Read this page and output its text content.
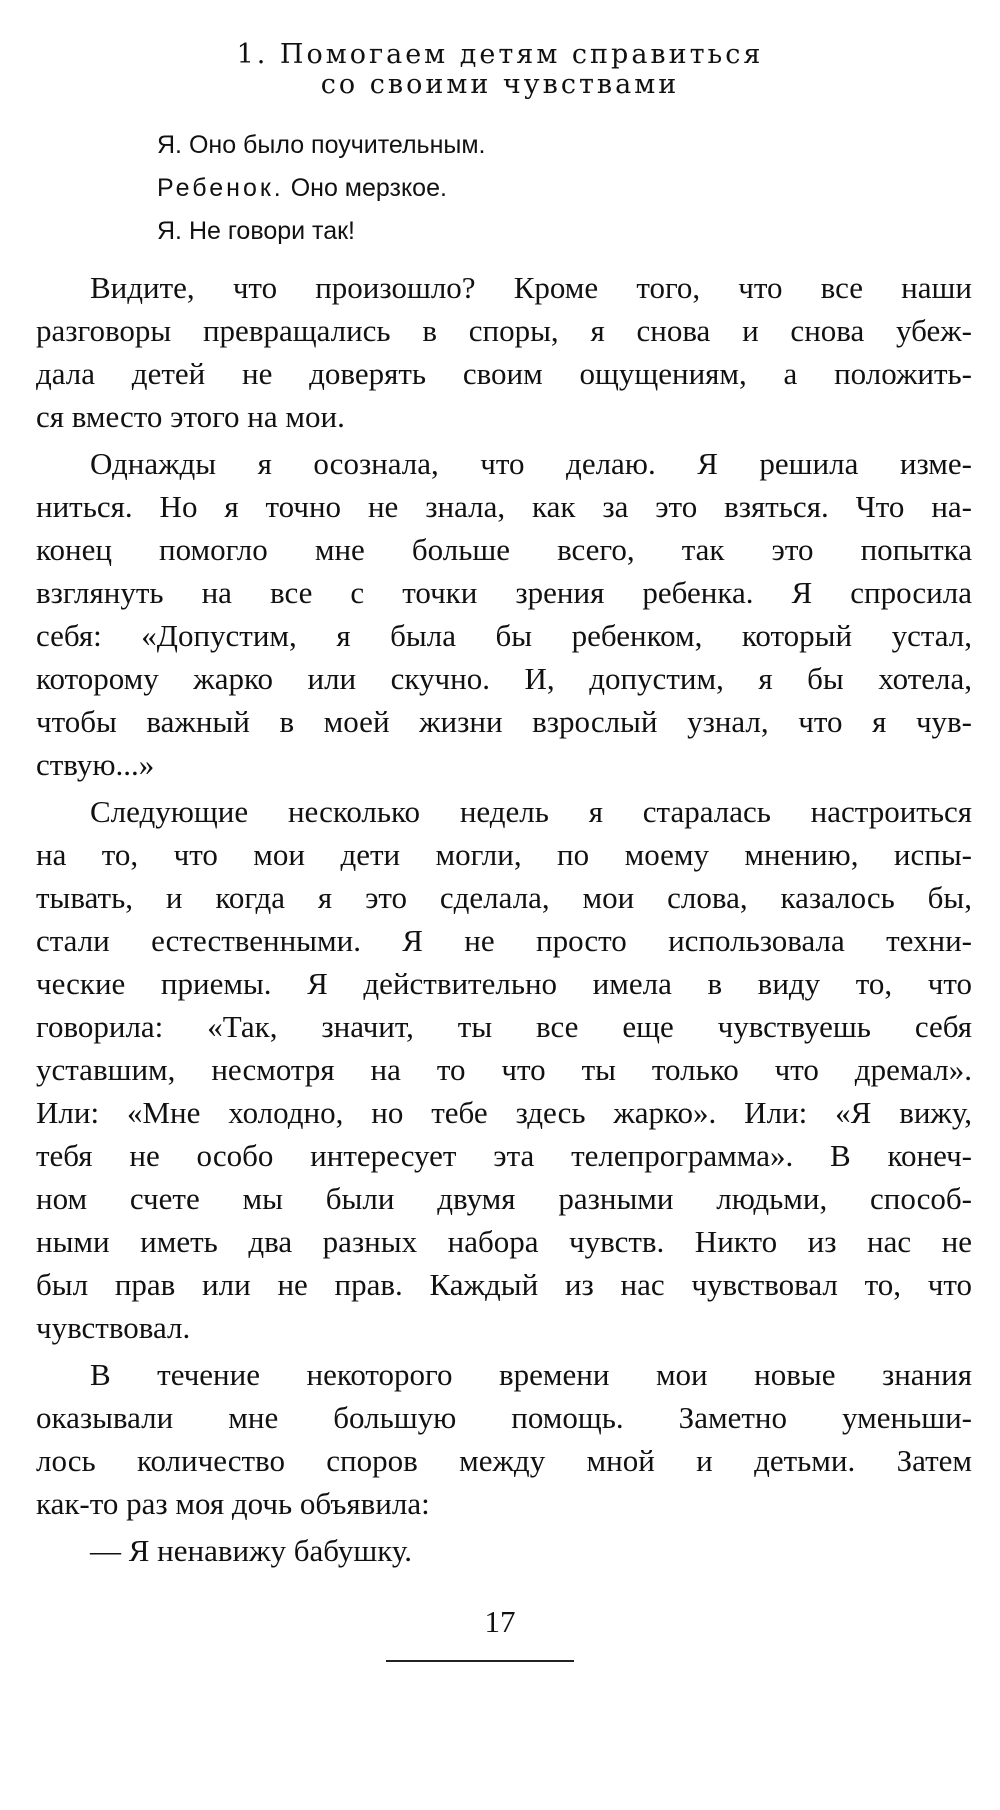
1. Помогаем детям справиться
со своими чувствами
Я. Оно было поучительным.
Ребенок. Оно мерзкое.
Я. Не говори так!
Видите, что произошло? Кроме того, что все наши
разговоры превращались в споры, я снова и снова убеж-
дала детей не доверять своим ощущениям, а положить-
ся вместо этого на мои.
Однажды я осознала, что делаю. Я решила изме-
ниться. Но я точно не знала, как за это взяться. Что на-
конец помогло мне больше всего, так это попытка
взглянуть на все с точки зрения ребенка. Я спросила
себя: «Допустим, я была бы ребенком, который устал,
которому жарко или скучно. И, допустим, я бы хотела,
чтобы важный в моей жизни взрослый узнал, что я чув-
ствую...»
Следующие несколько недель я старалась настроиться
на то, что мои дети могли, по моему мнению, испы-
тывать, и когда я это сделала, мои слова, казалось бы,
стали естественными. Я не просто использовала техни-
ческие приемы. Я действительно имела в виду то, что
говорила: «Так, значит, ты все еще чувствуешь себя
уставшим, несмотря на то что ты только что дремал».
Или: «Мне холодно, но тебе здесь жарко». Или: «Я вижу,
тебя не особо интересует эта телепрограмма». В конеч-
ном счете мы были двумя разными людьми, способ-
ными иметь два разных набора чувств. Никто из нас не
был прав или не прав. Каждый из нас чувствовал то, что
чувствовал.
В течение некоторого времени мои новые знания
оказывали мне большую помощь. Заметно уменьши-
лось количество споров между мной и детьми. Затем
как-то раз моя дочь объявила:
— Я ненавижу бабушку.
17
